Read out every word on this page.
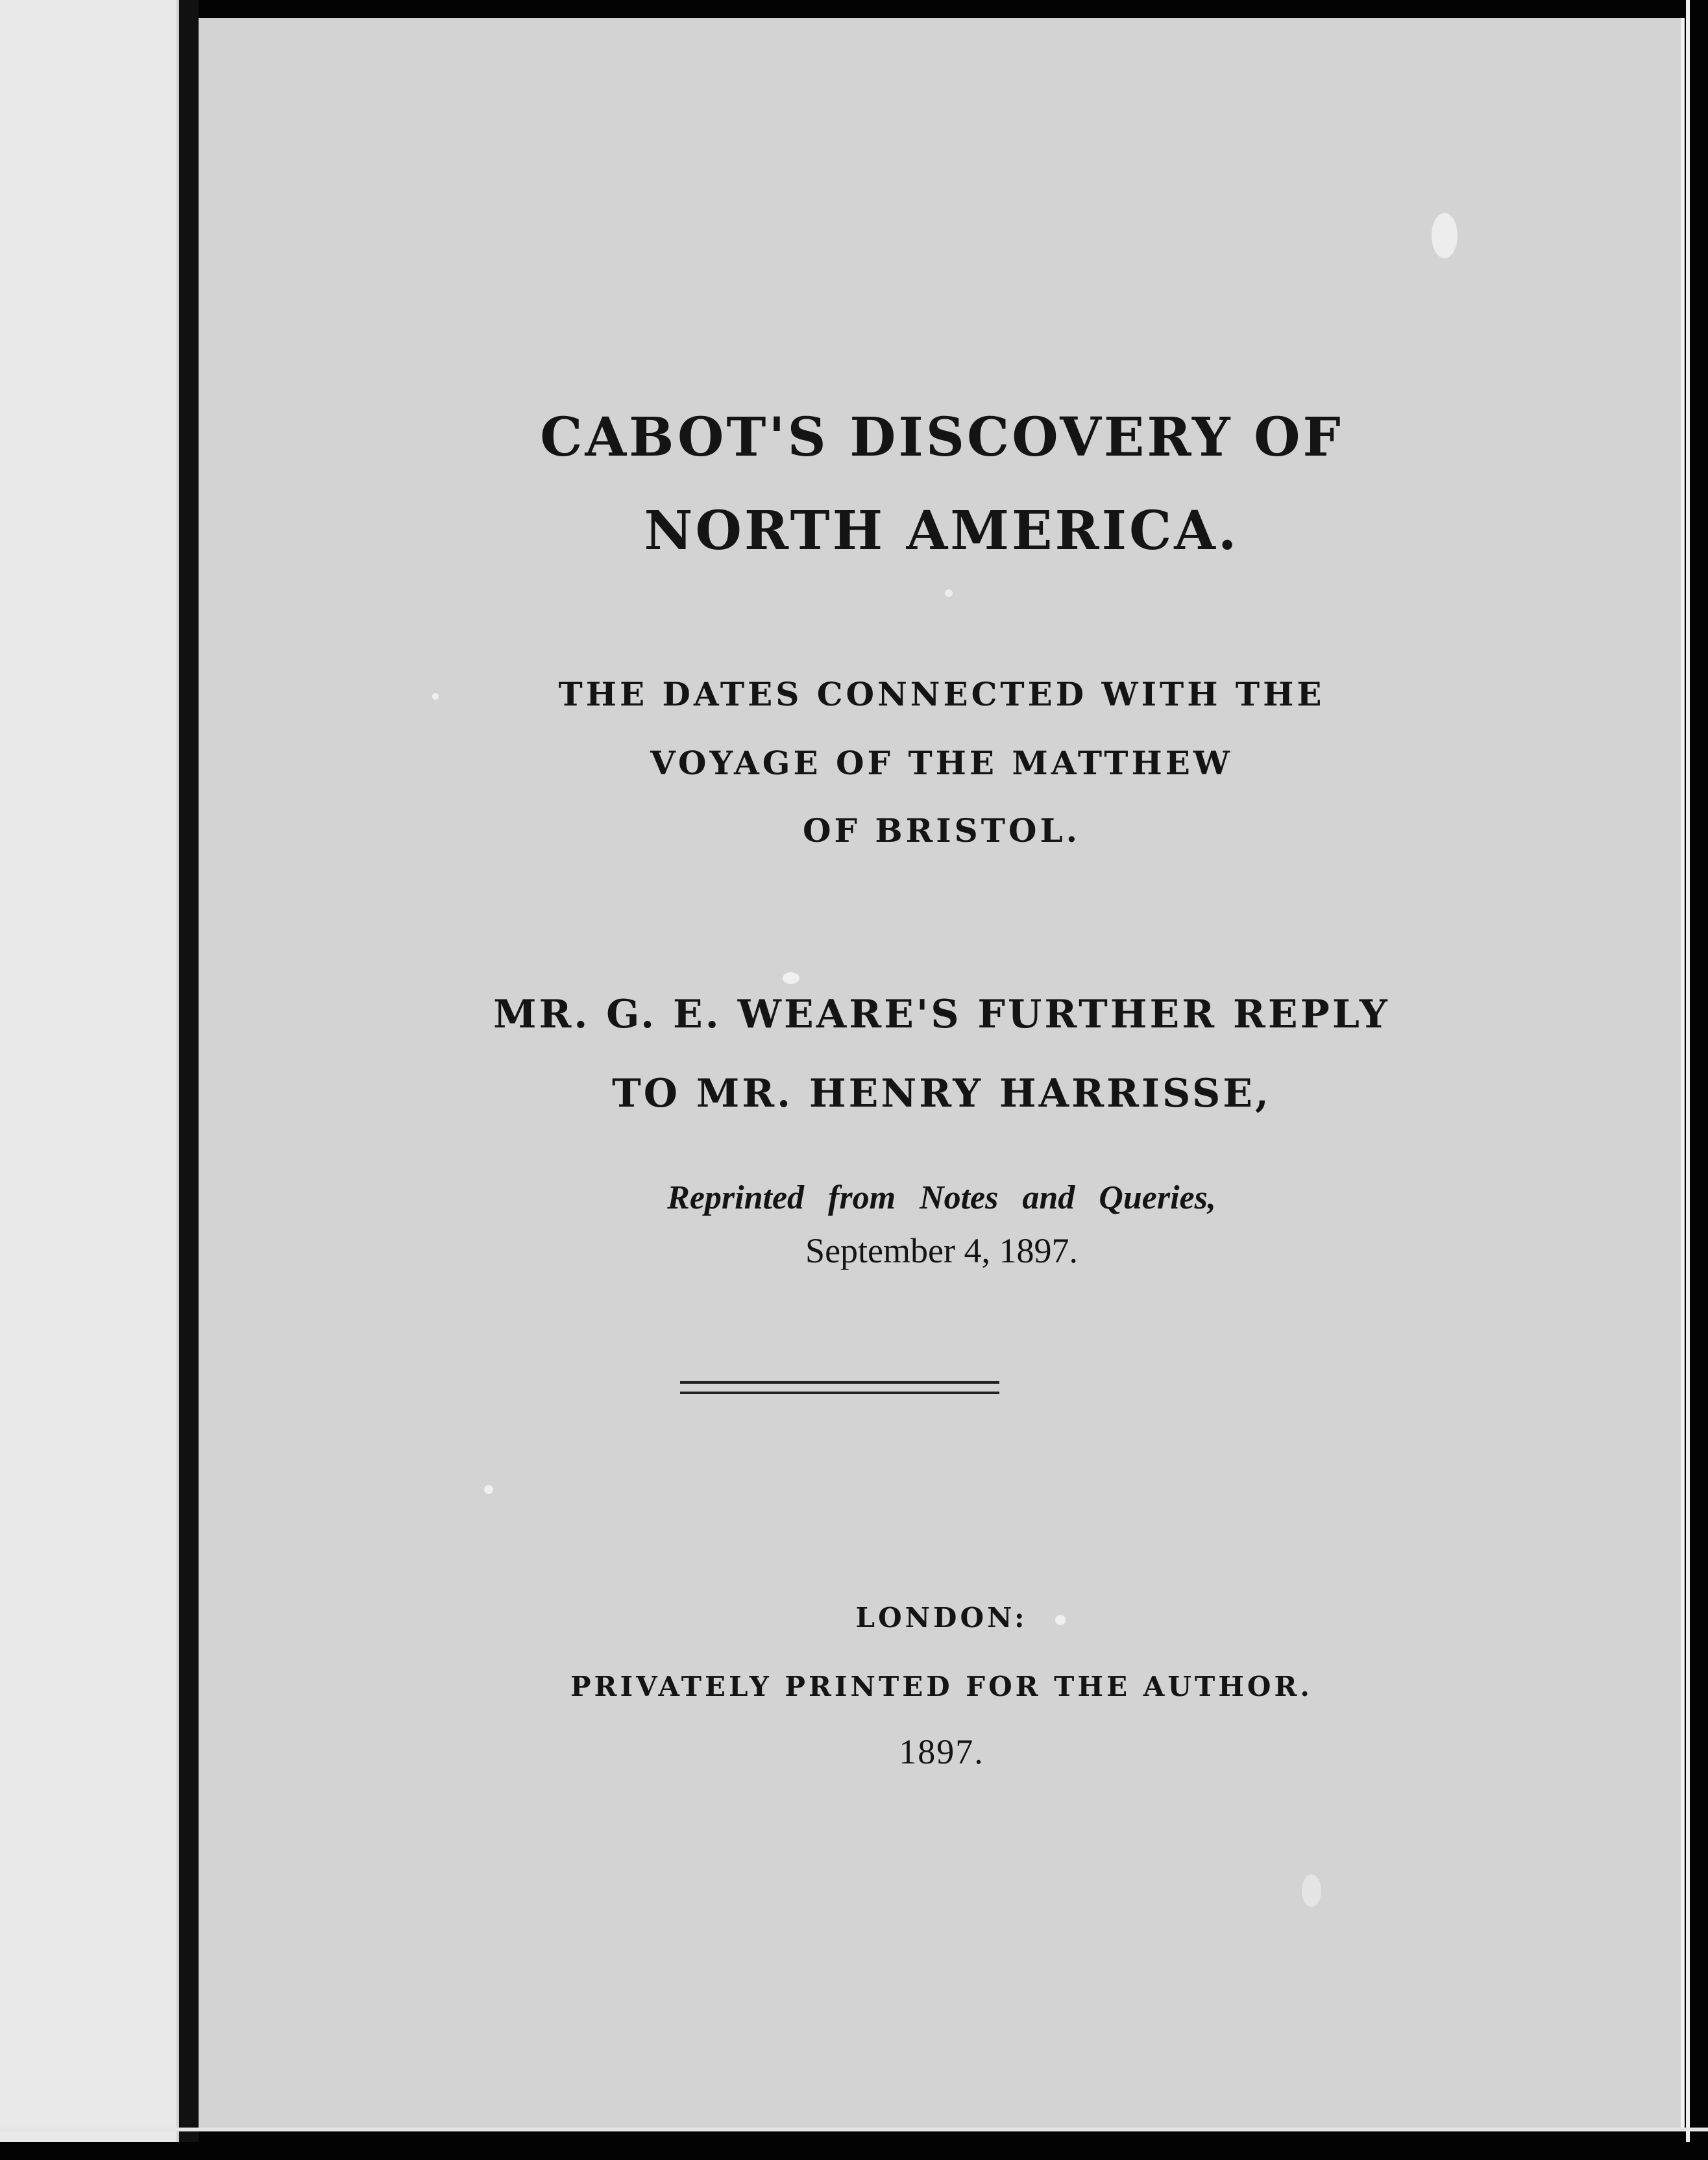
CABOT'S DISCOVERY OF
NORTH AMERICA.
THE DATES CONNECTED WITH THE
VOYAGE OF THE MATTHEW
OF BRISTOL.
MR. G. E. WEARE'S FURTHER REPLY
TO MR. HENRY HARRISSE,
Reprinted from Notes and Queries,
September 4, 1897.
LONDON:
PRIVATELY PRINTED FOR THE AUTHOR.
1897.
